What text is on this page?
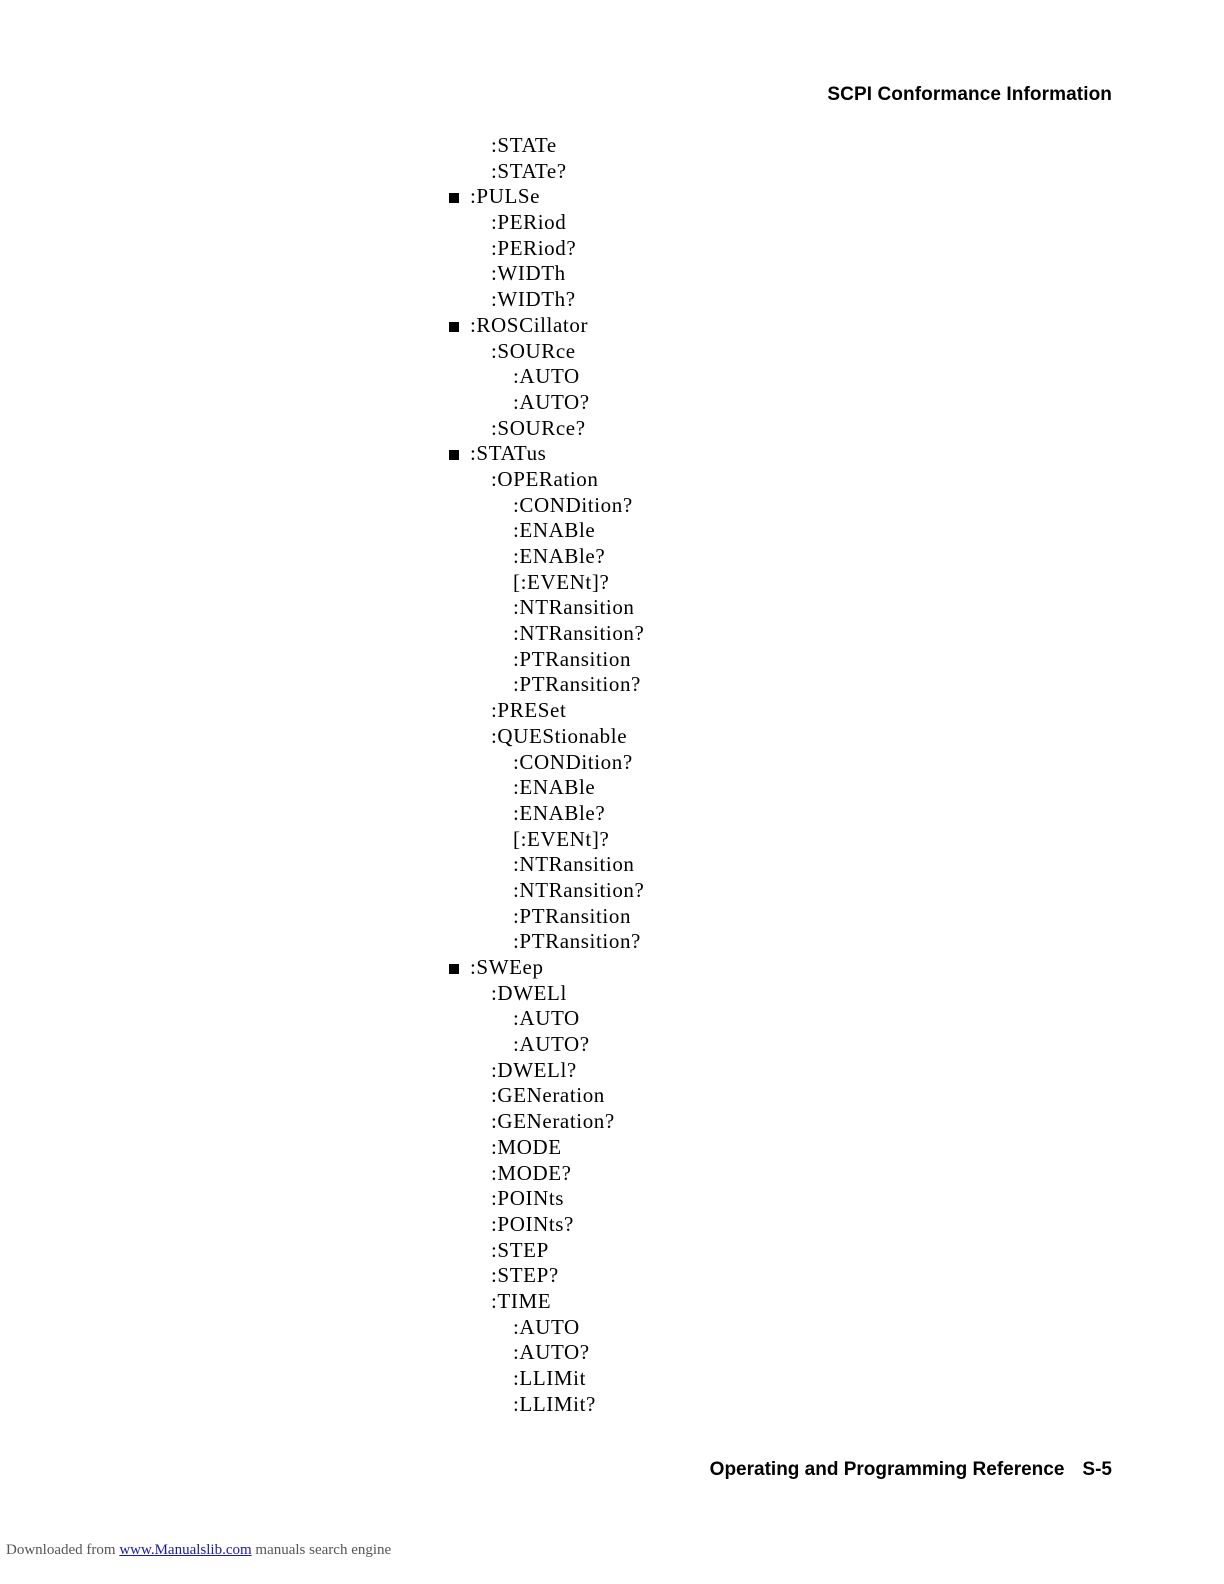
SCPI Conformance Information
:STATe
:STATe?
:PULSe
:PERiod
:PERiod?
:WIDTh
:WIDTh?
:ROSCillator
:SOURce
:AUTO
:AUTO?
:SOURce?
:STATus
:OPERation
:CONDition?
:ENABle
:ENABle?
[:EVENt]?
:NTRansition
:NTRansition?
:PTRansition
:PTRansition?
:PRESet
:QUEStionable
:CONDition?
:ENABle
:ENABle?
[:EVENt]?
:NTRansition
:NTRansition?
:PTRansition
:PTRansition?
:SWEep
:DWELl
:AUTO
:AUTO?
:DWELl?
:GENeration
:GENeration?
:MODE
:MODE?
:POINts
:POINts?
:STEP
:STEP?
:TIME
:AUTO
:AUTO?
:LLIMit
:LLIMit?
Operating and Programming Reference S-5
Downloaded from www.Manualslib.com manuals search engine
